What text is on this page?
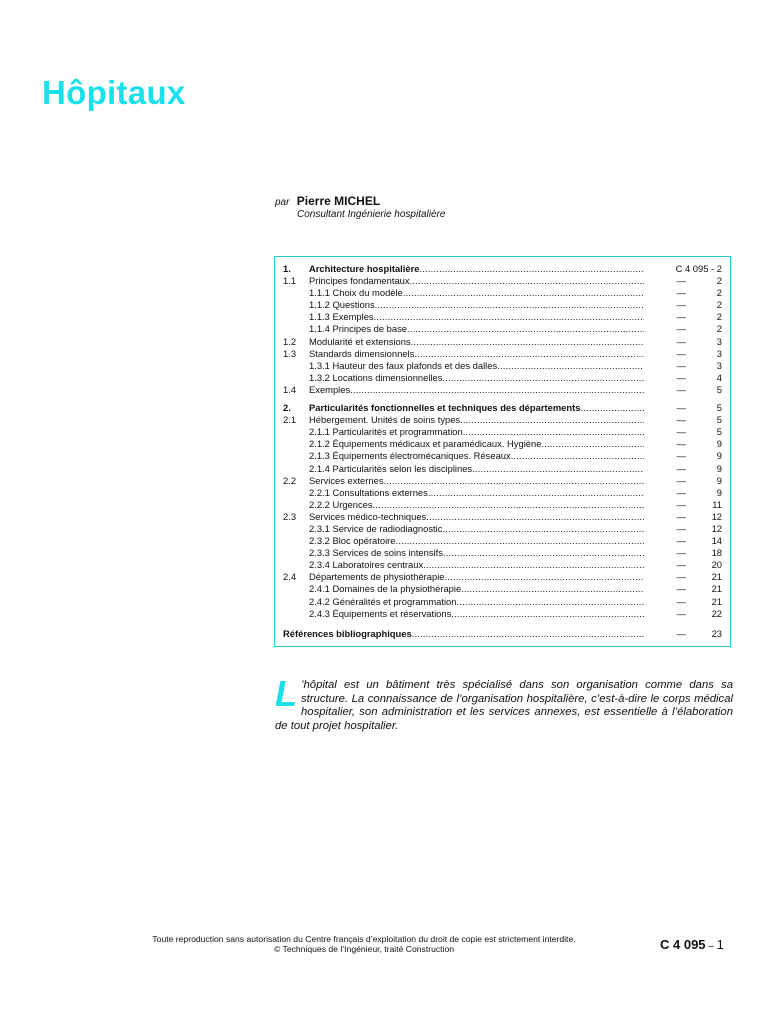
Hôpitaux
par Pierre MICHEL
Consultant Ingénierie hospitalière
1.	Architecture hospitalière .....	C 4 095 - 2
1.1	Principes fondamentaux .....	—	2
1.1.1 Choix du modèle .....	—	2
1.1.2 Questions .....	—	2
1.1.3 Exemples .....	—	2
1.1.4 Principes de base .....	—	2
1.2	Modularité et extensions .....	—	3
1.3	Standards dimensionnels .....	—	3
1.3.1 Hauteur des faux plafonds et des dalles .....	—	3
1.3.2 Locations dimensionnelles .....	—	4
1.4	Exemples .....	—	5
2.	Particularités fonctionnelles et techniques des départements .....	—	5
2.1	Hébergement. Unités de soins types .....	—	5
2.1.1 Particularités et programmation .....	—	5
2.1.2 Équipements médicaux et paramédicaux. Hygiène .....	—	9
2.1.3 Équipements électromécaniques. Réseaux .....	—	9
2.1.4 Particularités selon les disciplines .....	—	9
2.2	Services externes .....	—	9
2.2.1 Consultations externes .....	—	9
2.2.2 Urgences .....	—	11
2.3	Services médico-techniques .....	—	12
2.3.1 Service de radiodiagnostic .....	—	12
2.3.2 Bloc opératoire .....	—	14
2.3.3 Services de soins intensifs .....	—	18
2.3.4 Laboratoires centraux .....	—	20
2.4	Départements de physiothérapie .....	—	21
2.4.1 Domaines de la physiothérapie .....	—	21
2.4.2 Généralités et programmation .....	—	21
2.4.3 Équipements et réservations .....	—	22
Références bibliographiques .....	—	23
L ’hôpital est un bâtiment très spécialisé dans son organisation comme dans sa structure. La connaissance de l’organisation hospitalière, c’est-à-dire le corps médical hospitalier, son administration et les services annexes, est essentielle à l’élaboration de tout projet hospitalier.
Toute reproduction sans autorisation du Centre français d’exploitation du droit de copie est strictement interdite.
© Techniques de l’Ingénieur, traité Construction	C 4 095 – 1
